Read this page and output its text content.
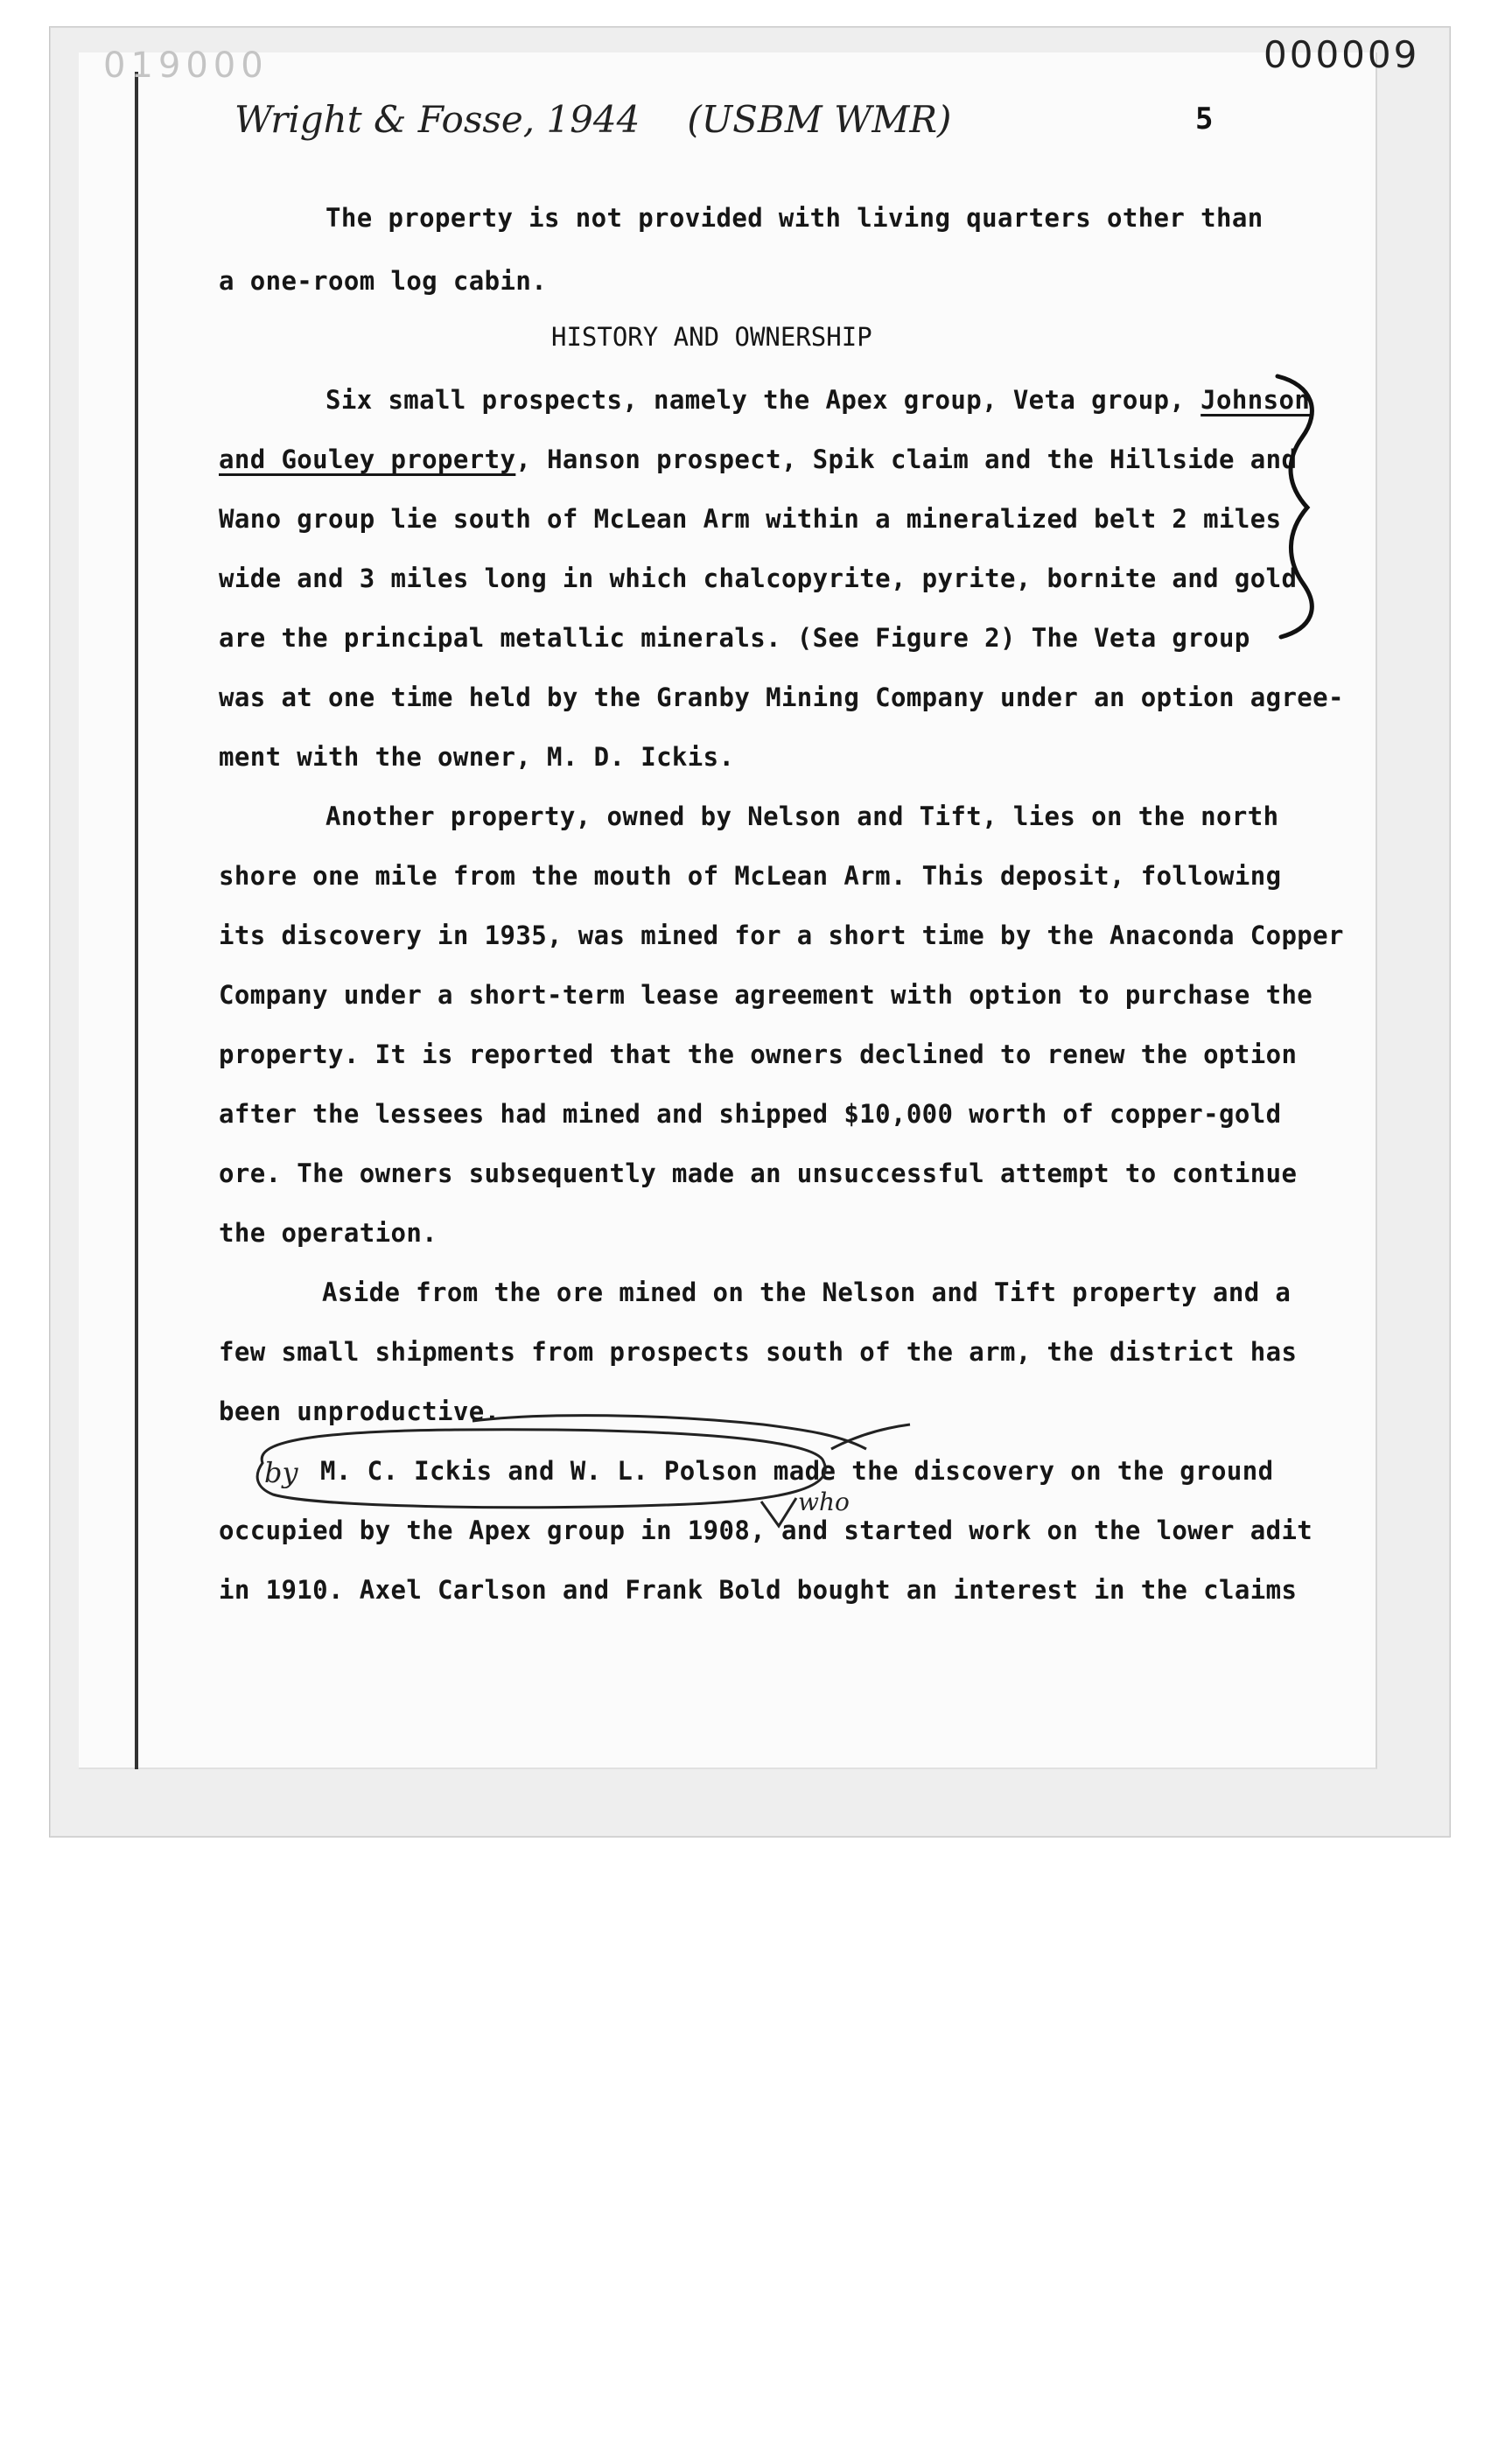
019000	000009
Wright & Fosse, 1944 (USBM WMR)	5
The property is not provided with living quarters other than
a one-room log cabin.
HISTORY AND OWNERSHIP
Six small prospects, namely the Apex group, Veta group, Johnson
and Gouley property, Hanson prospect, Spik claim and the Hillside and
Wano group lie south of McLean Arm within a mineralized belt 2 miles
wide and 3 miles long in which chalcopyrite, pyrite, bornite and gold
are the principal metallic minerals. (See Figure 2) The Veta group
was at one time held by the Granby Mining Company under an option agree-
ment with the owner, M. D. Ickis.
Another property, owned by Nelson and Tift, lies on the north
shore one mile from the mouth of McLean Arm. This deposit, following
its discovery in 1935, was mined for a short time by the Anaconda Copper
Company under a short-term lease agreement with option to purchase the
property. It is reported that the owners declined to renew the option
after the lessees had mined and shipped $10,000 worth of copper-gold
ore. The owners subsequently made an unsuccessful attempt to continue
the operation.
Aside from the ore mined on the Nelson and Tift property and a
few small shipments from prospects south of the arm, the district has
been unproductive.
M. C. Ickis and W. L. Polson made the discovery on the ground
occupied by the Apex group in 1908, and started work on the lower adit
in 1910. Axel Carlson and Frank Bold bought an interest in the claims
by
who
